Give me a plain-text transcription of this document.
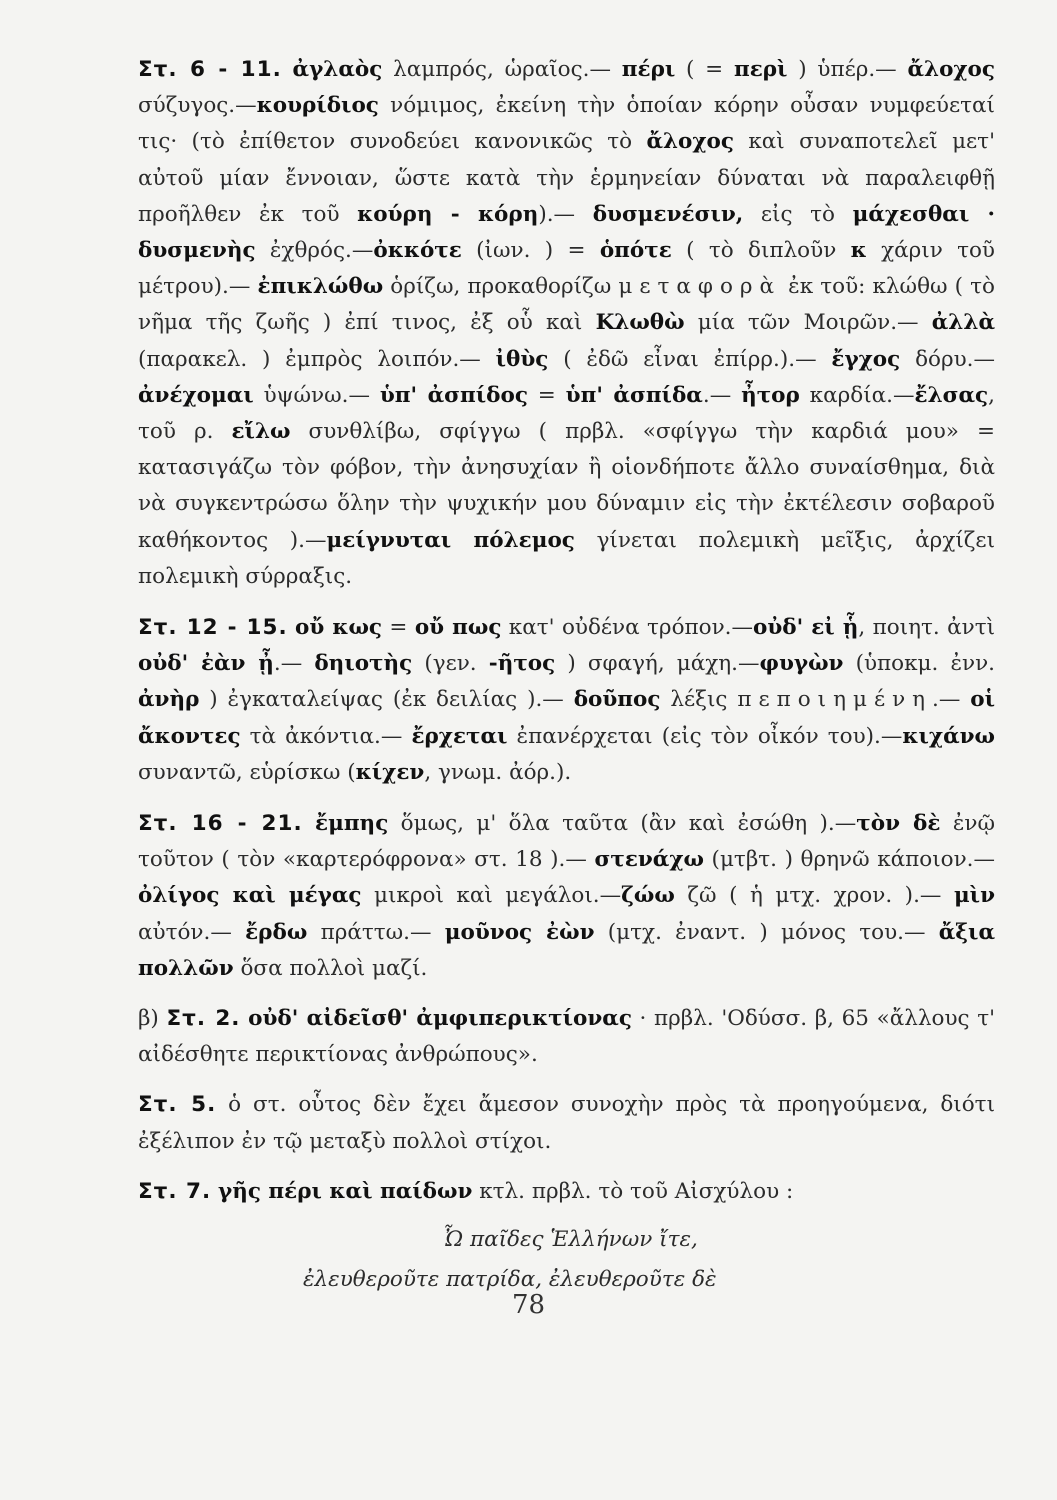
Στ. 6 - 11. ἀγλαὸς λαμπρός, ὡραῖος.— πέρι ( = περὶ ) ὑπέρ.— ἄλοχος σύζυγος.—κουρίδιος νόμιμος, ἐκείνη τὴν ὁποίαν κόρην οὖσαν νυμφεύεταί τις· (τὸ ἐπίθετον συνοδεύει κανονικῶς τὸ ἄλοχος καὶ συναποτελεῖ μετ' αὐτοῦ μίαν ἔννοιαν, ὥστε κατὰ τὴν ἑρμηνείαν δύναται νὰ παραλειφθῇ προῆλθεν ἐκ τοῦ κούρη - κόρη).— δυσμενέσιν, εἰς τὸ μάχεσθαι · δυσμενὴς ἐχθρός.—ὀκκότε (ἰων. ) = ὁπότε ( τὸ διπλοῦν κ χάριν τοῦ μέτρου).— ἐπικλώθω ὁρίζω, προκαθορίζω μεταφορὰ ἐκ τοῦ: κλώθω ( τὸ νῆμα τῆς ζωῆς ) ἐπί τινος, ἐξ οὗ καὶ Κλωθὼ μία τῶν Μοιρῶν.— ἀλλὰ (παρακελ. ) ἐμπρὸς λοιπόν.— ἰθὺς ( ἐδῶ εἶναι ἐπίρρ.).— ἔγχος δόρυ.— ἀνέχομαι ὑψώνω.— ὑπ' ἀσπίδος = ὑπ' ἀσπίδα.— ἦτορ καρδία.—ἔλσας, τοῦ ρ. εἴλω συνθλίβω, σφίγγω ( πρβλ. «σφίγγω τὴν καρδιά μου» = κατασιγάζω τὸν φόβον, τὴν ἀνησυχίαν ἢ οἱονδήποτε ἄλλο συναίσθημα, διὰ νὰ συγκεντρώσω ὅλην τὴν ψυχικήν μου δύναμιν εἰς τὴν ἐκτέλεσιν σοβαροῦ καθήκοντος ).—μείγνυται πόλεμος γίνεται πολεμικὴ μεῖξις, ἀρχίζει πολεμικὴ σύρραξις.

Στ. 12 - 15. οὔ κως = οὔ πως κατ' οὐδένα τρόπον.—οὐδ' εἰ ᾗ, ποιητ. ἀντὶ οὐδ' ἐὰν ᾖ.— δηιοτὴς (γεν. -ῆτος ) σφαγή, μάχη.—φυγὼν (ὑποκμ. ἐνν. ἀνὴρ ) ἐγκαταλείψας (ἐκ δειλίας ).— δοῦπος λέξις πεποιημένη.— οἱ ἄκοντες τὰ ἀκόντια.— ἔρχεται ἐπανέρχεται (εἰς τὸν οἶκόν του).—κιχάνω συναντῶ, εὑρίσκω (κίχεν, γνωμ. ἀόρ.).

Στ. 16 - 21. ἔμπης ὅμως, μ' ὅλα ταῦτα (ἂν καὶ ἐσώθη ).—τὸν δὲ ἐνῷ τοῦτον ( τὸν «καρτερόφρονα» στ. 18 ).— στενάχω (μτβτ. ) θρηνῶ κάποιον.— ὀλίγος καὶ μέγας μικροὶ καὶ μεγάλοι.—ζώω ζῶ ( ἡ μτχ. χρον. ).— μὶν αὐτόν.— ἔρδω πράττω.— μοῦνος ἐὼν (μτχ. ἐναντ. ) μόνος του.— ἄξια πολλῶν ὅσα πολλοὶ μαζί.

β) Στ. 2. οὐδ' αἰδεῖσθ' ἀμφιπερικτίονας · πρβλ. 'Οδύσσ. β, 65 «ἄλλους τ' αἰδέσθητε περικτίονας ἀνθρώπους».

Στ. 5. ὁ στ. οὗτος δὲν ἔχει ἄμεσον συνοχὴν πρὸς τὰ προηγούμενα, διότι ἐξέλιπον ἐν τῷ μεταξὺ πολλοὶ στίχοι.

Στ. 7. γῆς πέρι καὶ παίδων κτλ. πρβλ. τὸ τοῦ Αἰσχύλου :

Ὦ παῖδες Ἑλλήνων ἴτε,
ἐλευθεροῦτε πατρίδα, ἐλευθεροῦτε δὲ
78
